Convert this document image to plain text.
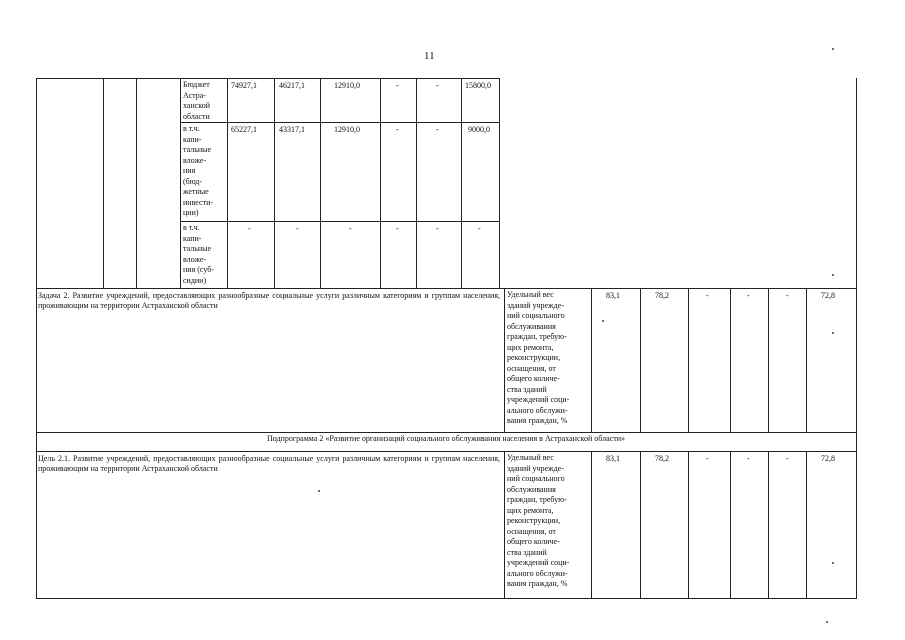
11
Бюджет
Астра-
ханской
области
74927,1	46217,1	12910,0	-	-	15800,0
в т.ч.
капи-
тальные
вложе-
ния
(бюд-
жетные
инвести-
ции)
65227,1	43317,1	12910,0	-	-	9000,0
в т.ч.
капи-
тальные
вложе-
ния (суб-
сидии)
-	-	-	-	-	-
Задача 2. Развитие учреждений, предоставляющих разнообразные социальные услуги различным категориям и группам населения, проживающим на территории Астраханской области
Удельный вес
зданий учрежде-
ний социального
обслуживания
граждан, требую-
щих ремонта,
реконструкции,
оснащения, от
общего количе-
ства зданий
учреждений соци-
ального обслужи-
вания граждан, %
83,1	78,2	-	-	-	72,8
Подпрограмма 2 «Развитие организаций социального обслуживания населения в Астраханской области»
Цель 2.1. Развитие учреждений, предоставляющих разнообразные социальные услуги различным категориям и группам населения, проживающим на территории Астраханской области
Удельный вес
зданий учрежде-
ний социального
обслуживания
граждан, требую-
щих ремонта,
реконструкции,
оснащения, от
общего количе-
ства зданий
учреждений соци-
ального обслужи-
вания граждан, %
83,1	78,2	-	-	-	72,8
